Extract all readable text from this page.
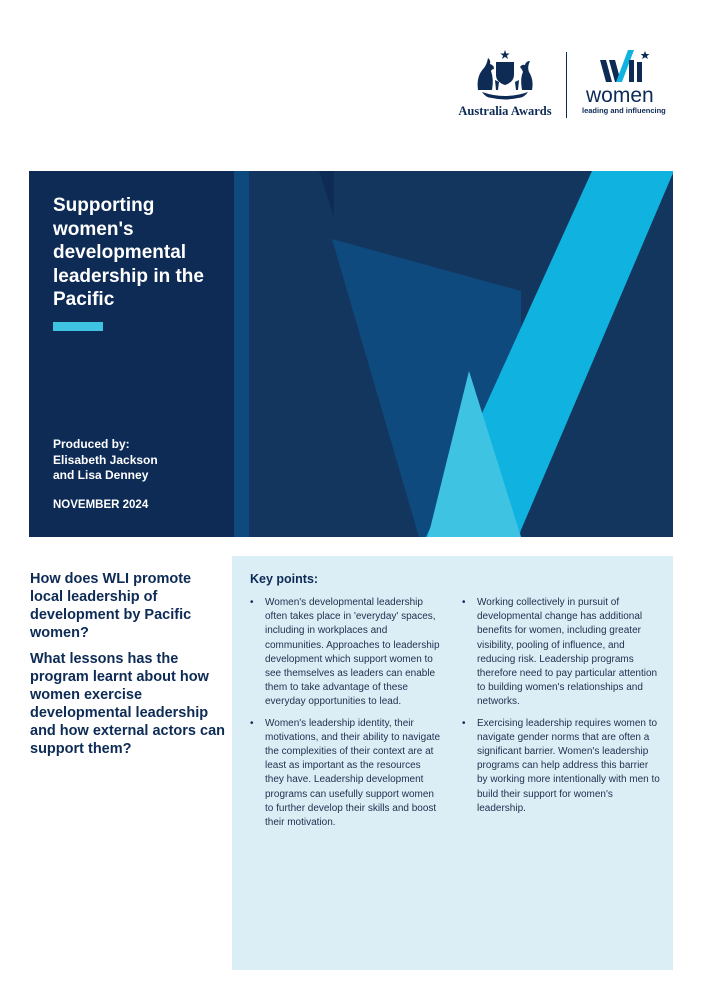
Australia Awards
women
leading and influencing
Supporting women's developmental leadership in the Pacific
Produced by:
Elisabeth Jackson
and Lisa Denney
NOVEMBER 2024

How does WLI promote local leadership of development by Pacific women?

What lessons has the program learnt about how women exercise developmental leadership and how external actors can support them?

Key points:
• Women's developmental leadership often takes place in 'everyday' spaces, including in workplaces and communities. Approaches to leadership development which support women to see themselves as leaders can enable them to take advantage of these everyday opportunities to lead.
• Women's leadership identity, their motivations, and their ability to navigate the complexities of their context are at least as important as the resources they have. Leadership development programs can usefully support women to further develop their skills and boost their motivation.
• Working collectively in pursuit of developmental change has additional benefits for women, including greater visibility, pooling of influence, and reducing risk. Leadership programs therefore need to pay particular attention to building women's relationships and networks.
• Exercising leadership requires women to navigate gender norms that are often a significant barrier. Women's leadership programs can help address this barrier by working more intentionally with men to build their support for women's leadership.
